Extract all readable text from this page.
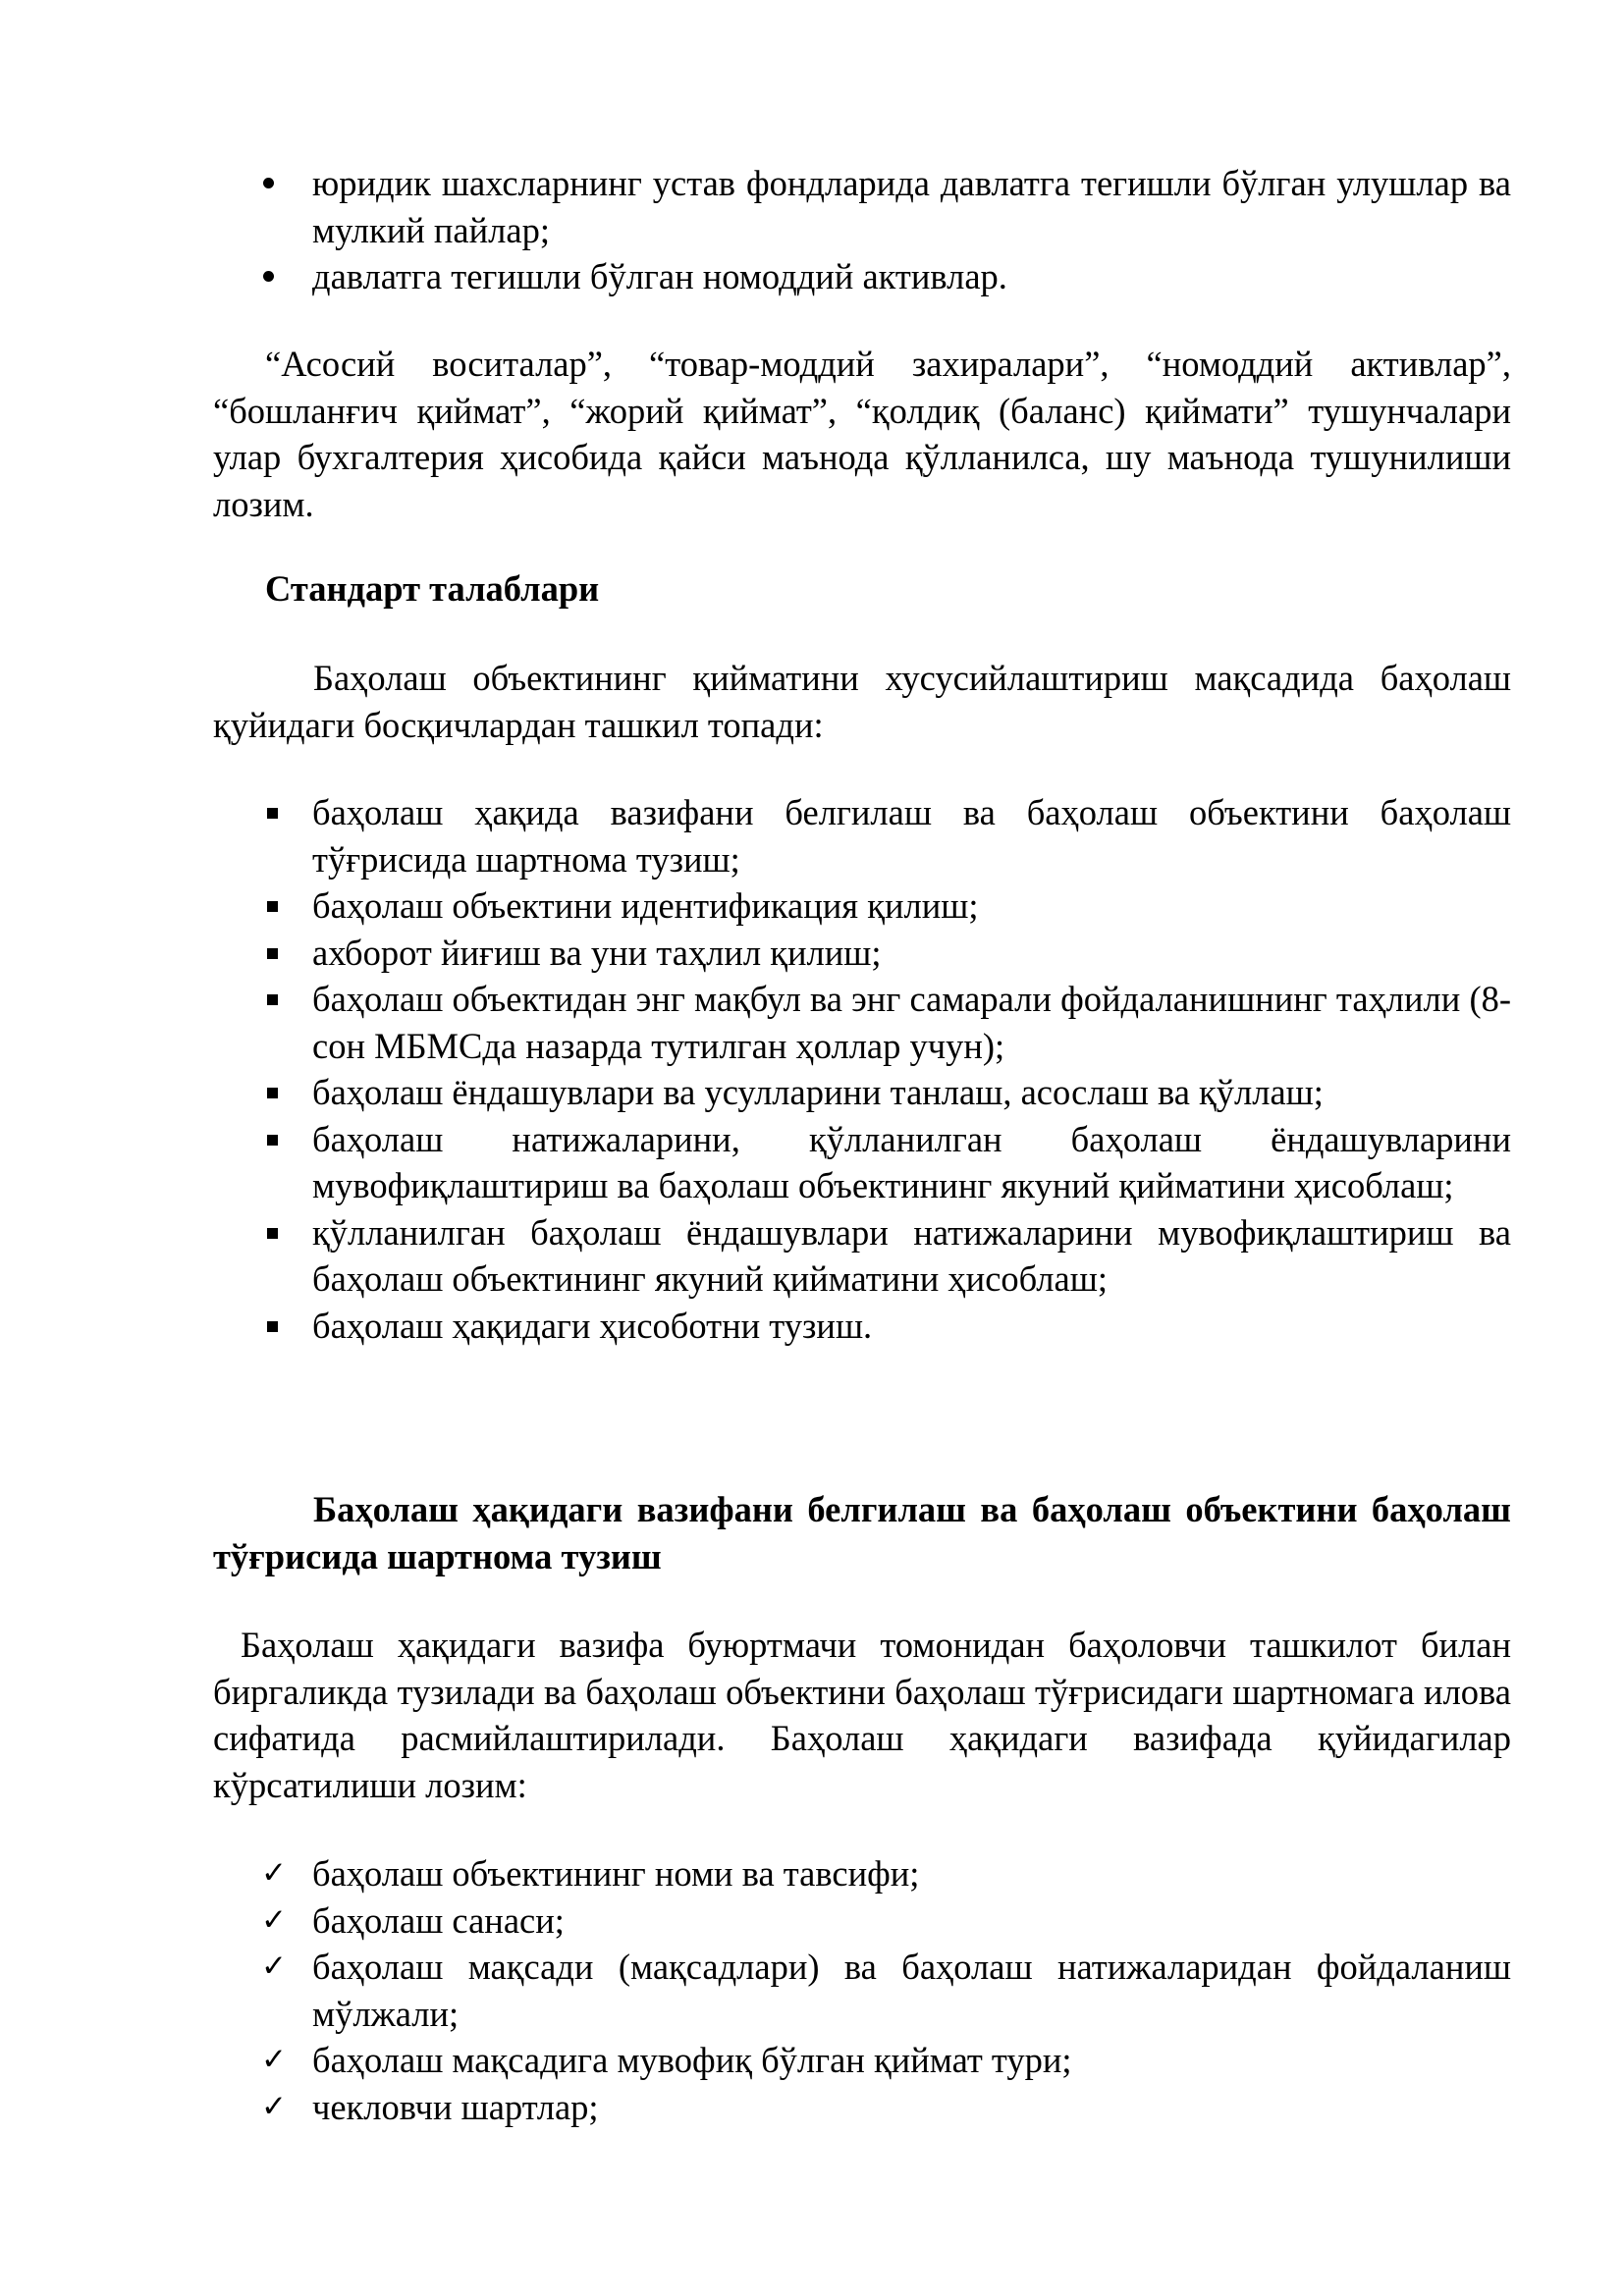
юридик шахсларнинг устав фондларида давлатга тегишли бўлган улушлар ва мулкий пайлар;
давлатга тегишли бўлган номоддий активлар.

“Асосий воситалар”, “товар-моддий захиралари”, “номоддий активлар”, “бошланғич қиймат”, “жорий қиймат”, “қолдиқ (баланс) қиймати” тушунчалари улар бухгалтерия ҳисобида қайси маънода қўлланилса, шу маънода тушунилиши лозим.

Стандарт талаблари

Баҳолаш объектининг қийматини хусусийлаштириш мақсадида баҳолаш қуйидаги босқичлардан ташкил топади:

баҳолаш ҳақида вазифани белгилаш ва баҳолаш объектини баҳолаш тўғрисида шартнома тузиш;
баҳолаш объектини идентификация қилиш;
ахборот йиғиш ва уни таҳлил қилиш;
баҳолаш объектидан энг мақбул ва энг самарали фойдаланишнинг таҳлили (8-сон МБМСда назарда тутилган ҳоллар учун);
баҳолаш ёндашувлари ва усулларини танлаш, асослаш ва қўллаш;
баҳолаш натижаларини, қўлланилган баҳолаш ёндашувларини мувофиқлаштириш ва баҳолаш объектининг якуний қийматини ҳисоблаш;
қўлланилган баҳолаш ёндашувлари натижаларини мувофиқлаштириш ва баҳолаш объектининг якуний қийматини ҳисоблаш;
баҳолаш ҳақидаги ҳисоботни тузиш.

Баҳолаш ҳақидаги вазифани белгилаш ва баҳолаш объектини баҳолаш тўғрисида шартнома тузиш

Баҳолаш ҳақидаги вазифа буюртмачи томонидан баҳоловчи ташкилот билан биргаликда тузилади ва баҳолаш объектини баҳолаш тўғрисидаги шартномага илова сифатида расмийлаштирилади. Баҳолаш ҳақидаги вазифада қуйидагилар кўрсатилиши лозим:

✓ баҳолаш объектининг номи ва тавсифи;
✓ баҳолаш санаси;
✓ баҳолаш мақсади (мақсадлари) ва баҳолаш натижаларидан фойдаланиш мўлжали;
✓ баҳолаш мақсадига мувофиқ бўлган қиймат тури;
✓ чекловчи шартлар;
